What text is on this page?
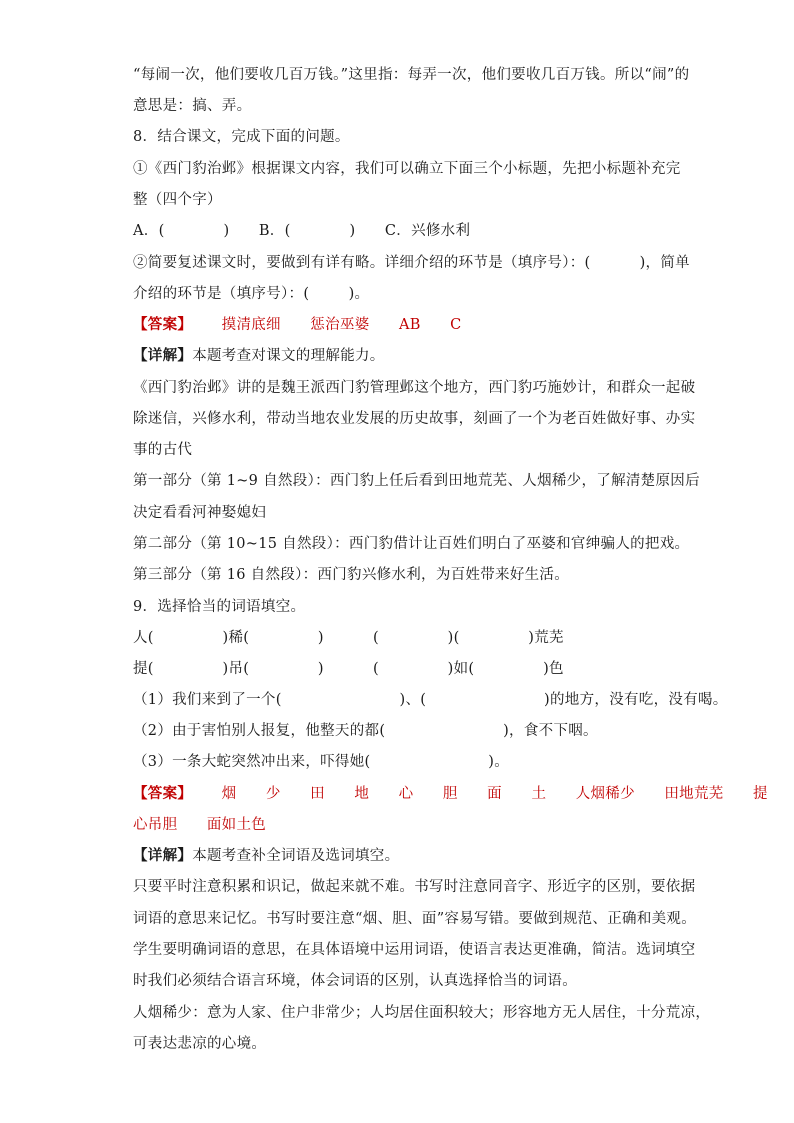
“每闹一次，他们要收几百万钱。”这里指：每弄一次，他们要收几百万钱。所以“闹”的
意思是：搞、弄。
8．结合课文，完成下面的问题。
①《西门豹治邺》根据课文内容，我们可以确立下面三个小标题，先把小标题补充完
整（四个字）
A．(            )      B．(            )      C．兴修水利
②简要复述课文时，要做到有详有略。详细介绍的环节是（填序号）：(          )，简单
介绍的环节是（填序号）：(        )。
【答案】      摸清底细      惩治巫婆      AB      C
【详解】本题考查对课文的理解能力。
《西门豹治邺》讲的是魏王派西门豹管理邺这个地方，西门豹巧施妙计，和群众一起破
除迷信，兴修水利，带动当地农业发展的历史故事，刻画了一个为老百姓做好事、办实
事的古代
第一部分（第 1~9 自然段）：西门豹上任后看到田地荒芜、人烟稀少，了解清楚原因后
决定看看河神娶媳妇
第二部分（第 10~15 自然段）：西门豹借计让百姓们明白了巫婆和官绅骗人的把戏。
第三部分（第 16 自然段）：西门豹兴修水利，为百姓带来好生活。
9．选择恰当的词语填空。
人(              )稀(              )          (              )(              )荒芜
提(              )吊(              )          (              )如(              )色
（1）我们来到了一个(                        )、(                        )的地方，没有吃，没有喝。
（2）由于害怕别人报复，他整天的都(                        )，食不下咽。
（3）一条大蛇突然冲出来，吓得她(                        )。
【答案】      烟      少      田      地      心      胆      面      土      人烟稀少      田地荒芜      提
心吊胆      面如土色
【详解】本题考查补全词语及选词填空。
只要平时注意积累和识记，做起来就不难。书写时注意同音字、形近字的区别，要依据
词语的意思来记忆。书写时要注意“烟、胆、面”容易写错。要做到规范、正确和美观。
学生要明确词语的意思，在具体语境中运用词语，使语言表达更准确，简洁。选词填空
时我们必须结合语言环境，体会词语的区别，认真选择恰当的词语。
人烟稀少：意为人家、住户非常少；人均居住面积较大；形容地方无人居住，十分荒凉，
可表达悲凉的心境。
